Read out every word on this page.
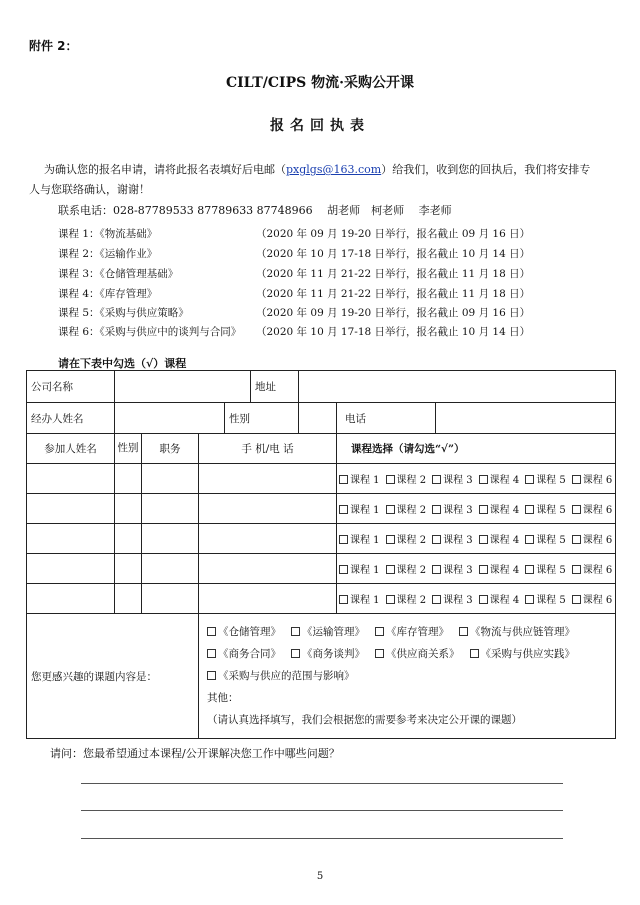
附件 2：
CILT/CIPS 物流·采购公开课
报名回执表
为确认您的报名申请，请将此报名表填好后电邮（pxglgs@163.com）给我们，收到您的回执后，我们将安排专
人与您联络确认，谢谢！
联系电话：028-87789533 87789633 87748966　 胡老师　柯老师　 李老师
课程 1：《物流基础》	（2020 年 09 月 19-20 日举行，报名截止 09 月 16 日）
课程 2：《运输作业》	（2020 年 10 月 17-18 日举行，报名截止 10 月 14 日）
课程 3：《仓储管理基础》	（2020 年 11 月 21-22 日举行，报名截止 11 月 18 日）
课程 4：《库存管理》	（2020 年 11 月 21-22 日举行，报名截止 11 月 18 日）
课程 5：《采购与供应策略》	（2020 年 09 月 19-20 日举行，报名截止 09 月 16 日）
课程 6：《采购与供应中的谈判与合同》 （2020 年 10 月 17-18 日举行，报名截止 10 月 14 日）
请在下表中勾选（√）课程
公司名称				地址		
经办人姓名			性别			电话

参加人姓名	性别 职务	手 机/电 话				课程选择（请勾选“√”）

					课程 1 课程 2 课程 3 课程 4 课程 5 课程 6

					课程 1 课程 2 课程 3 课程 4 课程 5 课程 6

					课程 1 课程 2 课程 3 课程 4 课程 5 课程 6

					课程 1 课程 2 课程 3 课程 4 课程 5 课程 6

					课程 1 课程 2 课程 3 课程 4 课程 5 课程 6
您更感兴趣的课题内容是：		《仓储管理》 《运输管理》 《库存管理》 《物流与供应链管理》
《商务合同》 《商务谈判》 《供应商关系》 《采购与供应实践》
《采购与供应的范围与影响》
其他：
（请认真选择填写，我们会根据您的需要参考来决定公开课的课题）				
请问：您最希望通过本课程/公开课解决您工作中哪些问题？
5
